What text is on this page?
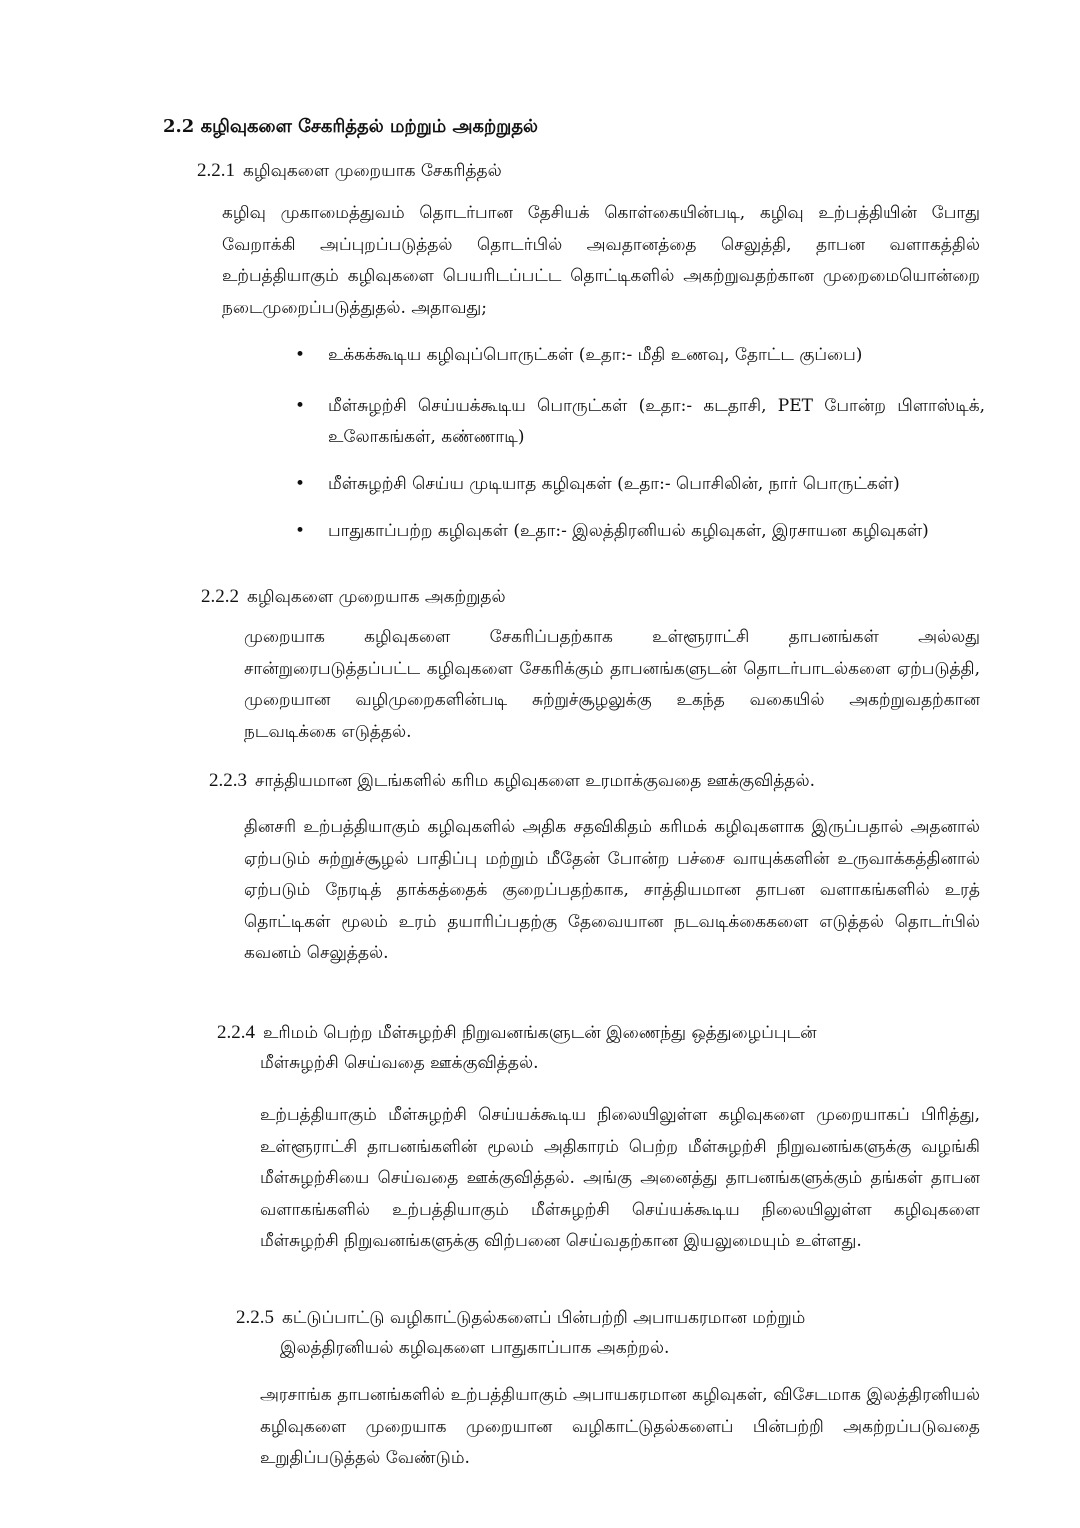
2.2 கழிவுகளை சேகரித்தல் மற்றும் அகற்றுதல்
2.2.1 கழிவுகளை முறையாக சேகரித்தல்
கழிவு முகாமைத்துவம் தொடர்பான தேசியக் கொள்கையின்படி, கழிவு உற்பத்தியின் போது வேறாக்கி அப்புறப்படுத்தல் தொடர்பில் அவதானத்தை செலுத்தி, தாபன வளாகத்தில் உற்பத்தியாகும் கழிவுகளை பெயரிடப்பட்ட தொட்டிகளில் அகற்றுவதற்கான முறைமையொன்றை நடைமுறைப்படுத்துதல். அதாவது;
• உக்கக்கூடிய கழிவுப்பொருட்கள் (உதா:- மீதி உணவு, தோட்ட குப்பை)
• மீள்சுழற்சி செய்யக்கூடிய பொருட்கள் (உதா:- கடதாசி, PET போன்ற பிளாஸ்டிக், உலோகங்கள், கண்ணாடி)
• மீள்சுழற்சி செய்ய முடியாத கழிவுகள் (உதா:- பொசிலின், நார் பொருட்கள்)
• பாதுகாப்பற்ற கழிவுகள் (உதா:- இலத்திரனியல் கழிவுகள், இரசாயன கழிவுகள்)
2.2.2 கழிவுகளை முறையாக அகற்றுதல்
முறையாக கழிவுகளை சேகரிப்பதற்காக உள்ளூராட்சி தாபனங்கள் அல்லது சான்றுரைபடுத்தப்பட்ட கழிவுகளை சேகரிக்கும் தாபனங்களுடன் தொடர்பாடல்களை ஏற்படுத்தி, முறையான வழிமுறைகளின்படி சுற்றுச்சூழலுக்கு உகந்த வகையில் அகற்றுவதற்கான நடவடிக்கை எடுத்தல்.
2.2.3 சாத்தியமான இடங்களில் கரிம கழிவுகளை உரமாக்குவதை ஊக்குவித்தல்.
தினசரி உற்பத்தியாகும் கழிவுகளில் அதிக சதவிகிதம் கரிமக் கழிவுகளாக இருப்பதால் அதனால் ஏற்படும் சுற்றுச்சூழல் பாதிப்பு மற்றும் மீதேன் போன்ற பச்சை வாயுக்களின் உருவாக்கத்தினால் ஏற்படும் நேரடித் தாக்கத்தைக் குறைப்பதற்காக, சாத்தியமான தாபன வளாகங்களில் உரத் தொட்டிகள் மூலம் உரம் தயாரிப்பதற்கு தேவையான நடவடிக்கைகளை எடுத்தல் தொடர்பில் கவனம் செலுத்தல்.
2.2.4 உரிமம் பெற்ற மீள்சுழற்சி நிறுவனங்களுடன் இணைந்து ஒத்துழைப்புடன்
மீள்சுழற்சி செய்வதை ஊக்குவித்தல்.
உற்பத்தியாகும் மீள்சுழற்சி செய்யக்கூடிய நிலையிலுள்ள கழிவுகளை முறையாகப் பிரித்து, உள்ளூராட்சி தாபனங்களின் மூலம் அதிகாரம் பெற்ற மீள்சுழற்சி நிறுவனங்களுக்கு வழங்கி மீள்சுழற்சியை செய்வதை ஊக்குவித்தல். அங்கு அனைத்து தாபனங்களுக்கும் தங்கள் தாபன வளாகங்களில் உற்பத்தியாகும் மீள்சுழற்சி செய்யக்கூடிய நிலையிலுள்ள கழிவுகளை மீள்சுழற்சி நிறுவனங்களுக்கு விற்பனை செய்வதற்கான இயலுமையும் உள்ளது.
2.2.5 கட்டுப்பாட்டு வழிகாட்டுதல்களைப் பின்பற்றி அபாயகரமான மற்றும்
இலத்திரனியல் கழிவுகளை பாதுகாப்பாக அகற்றல்.
அரசாங்க தாபனங்களில் உற்பத்தியாகும் அபாயகரமான கழிவுகள், விசேடமாக இலத்திரனியல் கழிவுகளை முறையாக முறையான வழிகாட்டுதல்களைப் பின்பற்றி அகற்றப்படுவதை உறுதிப்படுத்தல் வேண்டும்.
